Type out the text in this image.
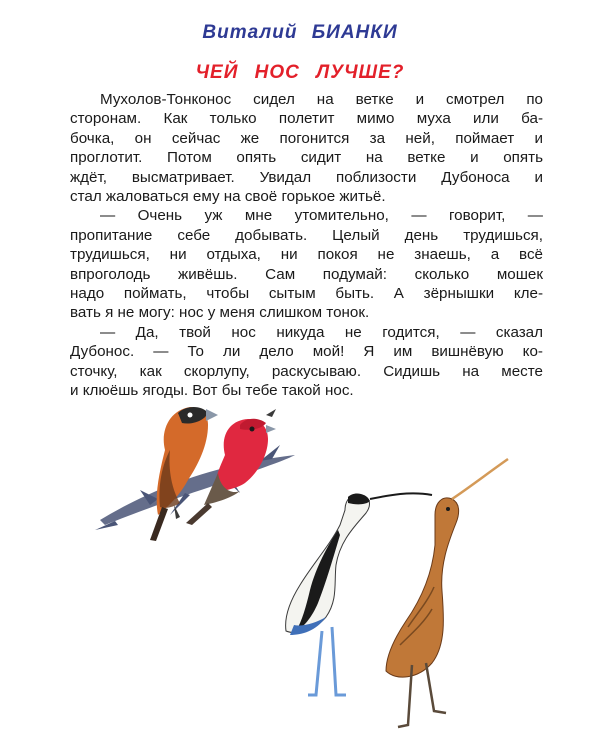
Виталий БИАНКИ
ЧЕЙ НОС ЛУЧШЕ?
Мухолов-Тонконос сидел на ветке и смотрел по
сторонам. Как только полетит мимо муха или ба-
бочка, он сейчас же погонится за ней, поймает и
проглотит. Потом опять сидит на ветке и опять
ждёт, высматривает. Увидал поблизости Дубоноса и
стал жаловаться ему на своё горькое житьё.
— Очень уж мне утомительно, — говорит, —
пропитание себе добывать. Целый день трудишься,
трудишься, ни отдыха, ни покоя не знаешь, а всё
впроголодь живёшь. Сам подумай: сколько мошек
надо поймать, чтобы сытым быть. А зёрнышки кле-
вать я не могу: нос у меня слишком тонок.
— Да, твой нос никуда не годится, — сказал
Дубонос. — То ли дело мой! Я им вишнёвую ко-
сточку, как скорлупу, раскусываю. Сидишь на месте
и клюёшь ягоды. Вот бы тебе такой нос.
